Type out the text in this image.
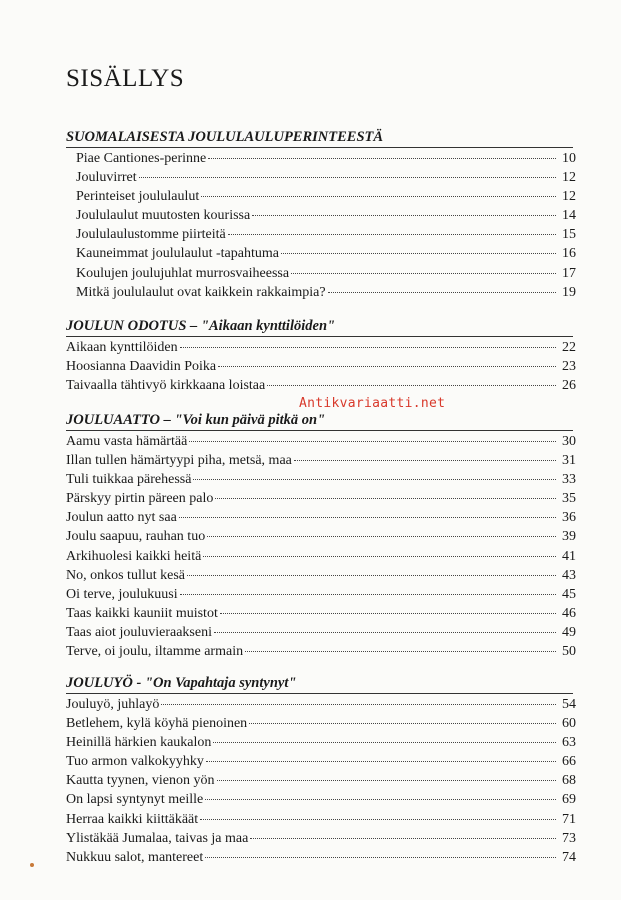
SISÄLLYS
SUOMALAISESTA JOULULAULUPERINTEESTÄ
Piae Cantiones-perinne	10
Jouluvirret	12
Perinteiset joululaulut	12
Joululaulut muutosten kourissa	14
Joululaulustomme piirteitä	15
Kauneimmat joululaulut -tapahtuma	16
Koulujen joulujuhlat murrosvaiheessa	17
Mitkä joululaulut ovat kaikkein rakkaimpia?	19
JOULUN ODOTUS – "Aikaan kynttilöiden"
Aikaan kynttilöiden	22
Hoosianna Daavidin Poika	23
Taivaalla tähtivyö kirkkaana loistaa	26
JOULUAATTO – "Voi kun päivä pitkä on"
Aamu vasta hämärtää	30
Illan tullen hämärtyypi piha, metsä, maa	31
Tuli tuikkaa pärehessä	33
Pärskyy pirtin päreen palo	35
Joulun aatto nyt saa	36
Joulu saapuu, rauhan tuo	39
Arkihuolesi kaikki heitä	41
No, onkos tullut kesä	43
Oi terve, joulukuusi	45
Taas kaikki kauniit muistot	46
Taas aiot jouluvieraakseni	49
Terve, oi joulu, iltamme armain	50
JOULUYÖ - "On Vapahtaja syntynyt"
Jouluyö, juhlayö	54
Betlehem, kylä köyhä pienoinen	60
Heinillä härkien kaukalon	63
Tuo armon valkokyyhky	66
Kautta tyynen, vienon yön	68
On lapsi syntynyt meille	69
Herraa kaikki kiittäkäät	71
Ylistäkää Jumalaa, taivas ja maa	73
Nukkuu salot, mantereet	74
Antikvariaatti.net
